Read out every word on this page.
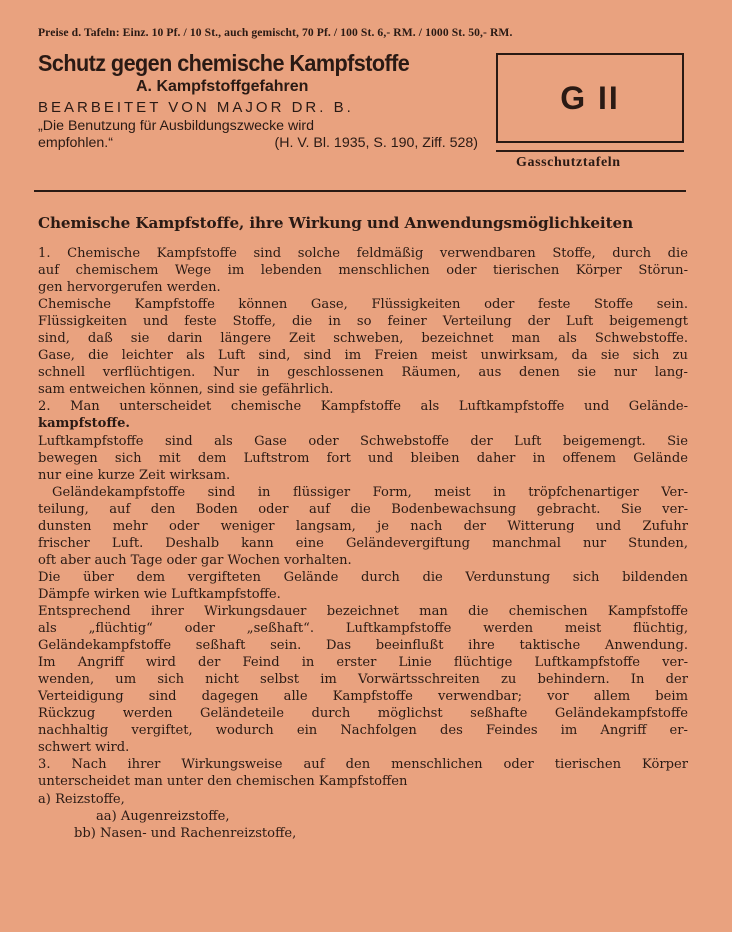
Preise d. Tafeln: Einz. 10 Pf. / 10 St., auch gemischt, 70 Pf. / 100 St. 6,- RM. / 1000 St. 50,- RM.
Schutz gegen chemische Kampfstoffe
A. Kampfstoffgefahren
BEARBEITET VON MAJOR DR. B.
„Die Benutzung für Ausbildungszwecke wird
empfohlen.“	(H. V. Bl. 1935, S. 190, Ziff. 528)
G II
Gasschutztafeln
Chemische Kampfstoffe, ihre Wirkung und Anwendungsmöglichkeiten
1. Chemische Kampfstoffe sind solche feldmäßig verwendbaren Stoffe, durch die
auf chemischem Wege im lebenden menschlichen oder tierischen Körper Störun-
gen hervorgerufen werden.
Chemische Kampfstoffe können Gase, Flüssigkeiten oder feste Stoffe sein.
Flüssigkeiten und feste Stoffe, die in so feiner Verteilung der Luft beigemengt
sind, daß sie darin längere Zeit schweben, bezeichnet man als Schwebstoffe.
Gase, die leichter als Luft sind, sind im Freien meist unwirksam, da sie sich zu
schnell verflüchtigen. Nur in geschlossenen Räumen, aus denen sie nur lang-
sam entweichen können, sind sie gefährlich.
2. Man unterscheidet chemische Kampfstoffe als Luftkampfstoffe und Gelände-
kampfstoffe.
Luftkampfstoffe sind als Gase oder Schwebstoffe der Luft beigemengt. Sie
bewegen sich mit dem Luftstrom fort und bleiben daher in offenem Gelände
nur eine kurze Zeit wirksam.
Geländekampfstoffe sind in flüssiger Form, meist in tröpfchenartiger Ver-
teilung, auf den Boden oder auf die Bodenbewachsung gebracht. Sie ver-
dunsten mehr oder weniger langsam, je nach der Witterung und Zufuhr
frischer Luft. Deshalb kann eine Geländevergiftung manchmal nur Stunden,
oft aber auch Tage oder gar Wochen vorhalten.
Die über dem vergifteten Gelände durch die Verdunstung sich bildenden
Dämpfe wirken wie Luftkampfstoffe.
Entsprechend ihrer Wirkungsdauer bezeichnet man die chemischen Kampfstoffe
als „flüchtig“ oder „seßhaft“. Luftkampfstoffe werden meist flüchtig,
Geländekampfstoffe seßhaft sein. Das beeinflußt ihre taktische Anwendung.
Im Angriff wird der Feind in erster Linie flüchtige Luftkampfstoffe ver-
wenden, um sich nicht selbst im Vorwärtsschreiten zu behindern. In der
Verteidigung sind dagegen alle Kampfstoffe verwendbar; vor allem beim
Rückzug werden Geländeteile durch möglichst seßhafte Geländekampfstoffe
nachhaltig vergiftet, wodurch ein Nachfolgen des Feindes im Angriff er-
schwert wird.
3. Nach ihrer Wirkungsweise auf den menschlichen oder tierischen Körper
unterscheidet man unter den chemischen Kampfstoffen
a) Reizstoffe,
aa) Augenreizstoffe,
bb) Nasen- und Rachenreizstoffe,
